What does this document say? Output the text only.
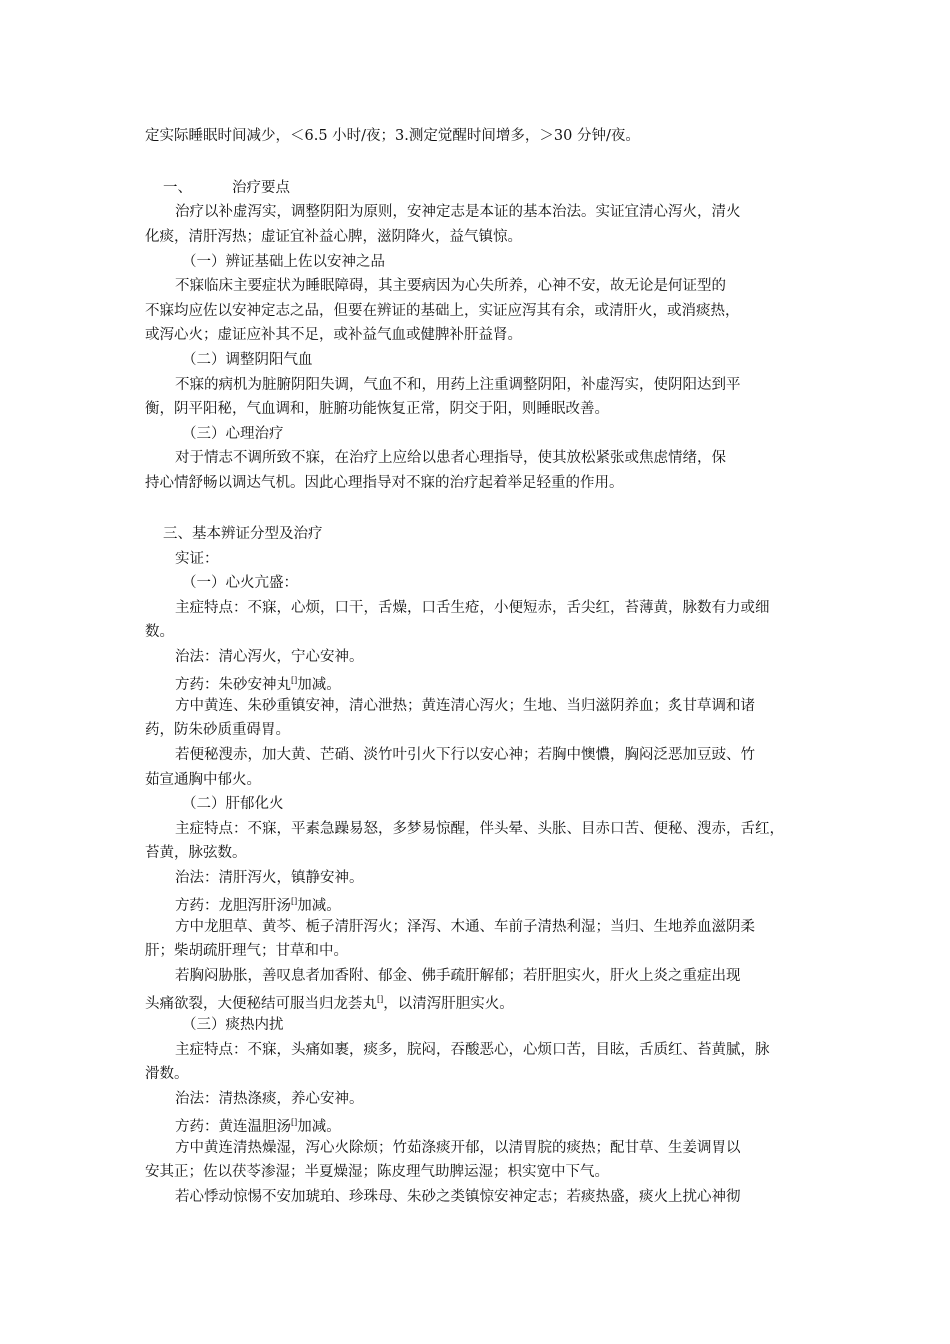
定实际睡眠时间减少，＜6.5 小时/夜；3.测定觉醒时间增多，＞30 分钟/夜。
一、	治疗要点
治疗以补虚泻实，调整阴阳为原则，安神定志是本证的基本治法。实证宜清心泻火，清火
化痰，清肝泻热；虚证宜补益心脾，滋阴降火，益气镇惊。
（一）辨证基础上佐以安神之品
不寐临床主要症状为睡眠障碍，其主要病因为心失所养，心神不安，故无论是何证型的
不寐均应佐以安神定志之品，但要在辨证的基础上，实证应泻其有余，或清肝火，或消痰热，
或泻心火；虚证应补其不足，或补益气血或健脾补肝益肾。
（二）调整阴阳气血
不寐的病机为脏腑阴阳失调，气血不和，用药上注重调整阴阳，补虚泻实，使阴阳达到平
衡，阴平阳秘，气血调和，脏腑功能恢复正常，阴交于阳，则睡眠改善。
（三）心理治疗
对于情志不调所致不寐，在治疗上应给以患者心理指导，使其放松紧张或焦虑情绪，保
持心情舒畅以调达气机。因此心理指导对不寐的治疗起着举足轻重的作用。
三、基本辨证分型及治疗
实证：
（一）心火亢盛：
主症特点：不寐，心烦，口干，舌燥，口舌生疮，小便短赤，舌尖红，苔薄黄，脉数有力或细
数。
治法：清心泻火，宁心安神。
方药：朱砂安神丸[]加减。
方中黄连、朱砂重镇安神，清心泄热；黄连清心泻火；生地、当归滋阴养血；炙甘草调和诸
药，防朱砂质重碍胃。
若便秘溲赤，加大黄、芒硝、淡竹叶引火下行以安心神；若胸中懊憹，胸闷泛恶加豆豉、竹
茹宣通胸中郁火。
（二）肝郁化火
主症特点：不寐，平素急躁易怒，多梦易惊醒，伴头晕、头胀、目赤口苦、便秘、溲赤，舌红，
苔黄，脉弦数。
治法：清肝泻火，镇静安神。
方药：龙胆泻肝汤[]加减。
方中龙胆草、黄芩、栀子清肝泻火；泽泻、木通、车前子清热利湿；当归、生地养血滋阴柔
肝；柴胡疏肝理气；甘草和中。
若胸闷胁胀，善叹息者加香附、郁金、佛手疏肝解郁；若肝胆实火，肝火上炎之重症出现
头痛欲裂，大便秘结可服当归龙荟丸[]，以清泻肝胆实火。
（三）痰热内扰
主症特点：不寐，头痛如裹，痰多，脘闷，吞酸恶心，心烦口苦，目眩，舌质红、苔黄腻，脉
滑数。
治法：清热涤痰，养心安神。
方药：黄连温胆汤[]加减。
方中黄连清热燥湿，泻心火除烦；竹茹涤痰开郁，以清胃脘的痰热；配甘草、生姜调胃以
安其正；佐以茯苓渗湿；半夏燥湿；陈皮理气助脾运湿；枳实宽中下气。
若心悸动惊惕不安加琥珀、珍珠母、朱砂之类镇惊安神定志；若痰热盛，痰火上扰心神彻
